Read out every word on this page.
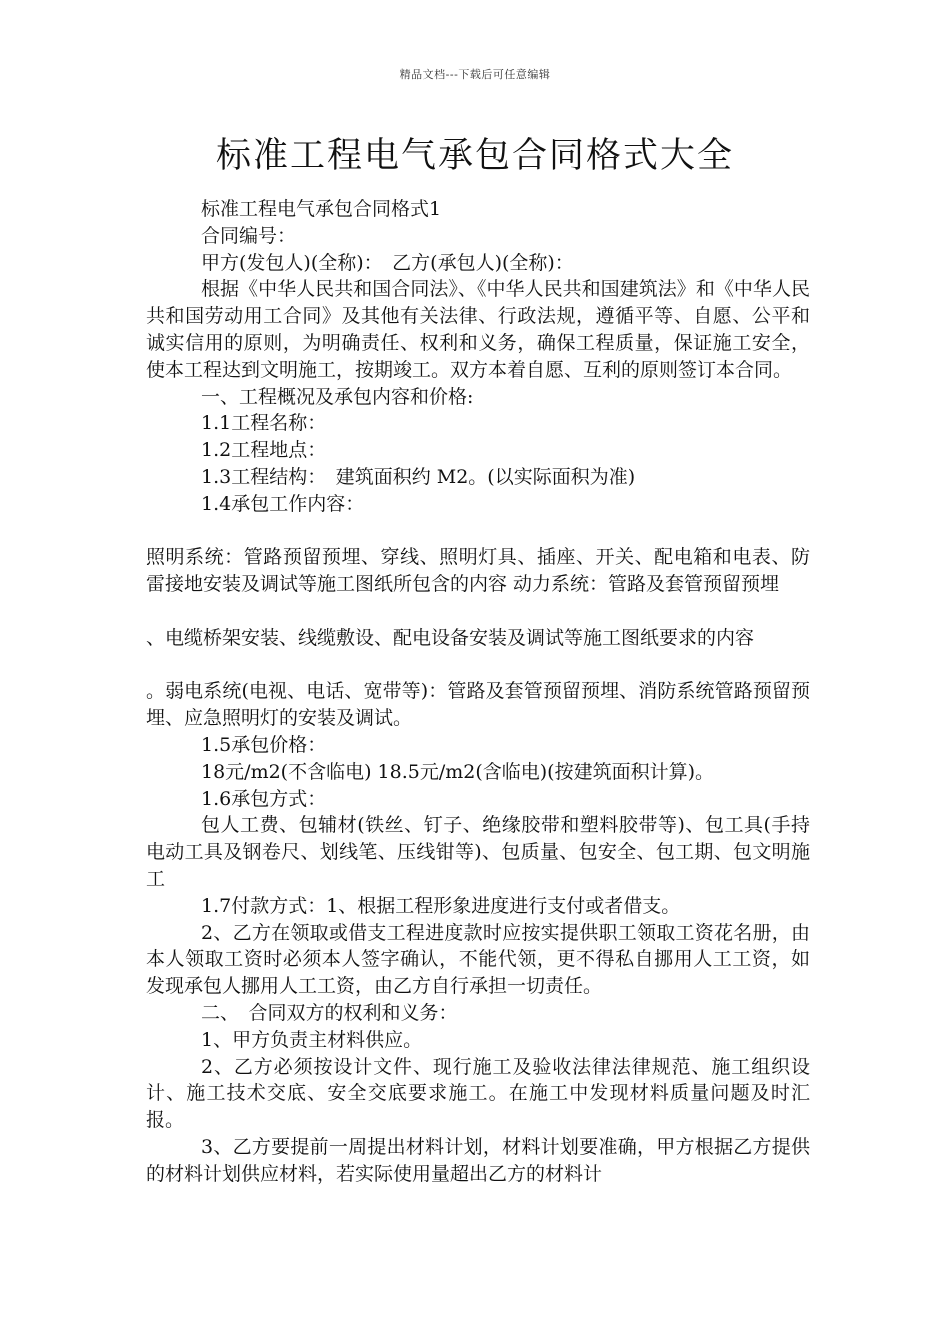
精品文档---下载后可任意编辑
标准工程电气承包合同格式大全

标准工程电气承包合同格式1

合同编号：

甲方(发包人)(全称)：　乙方(承包人)(全称)：

根据《中华人民共和国合同法》、《中华人民共和国建筑法》和《中华人民共和国劳动用工合同》及其他有关法律、行政法规，遵循平等、自愿、公平和诚实信用的原则，为明确责任、权利和义务，确保工程质量，保证施工安全，使本工程达到文明施工，按期竣工。双方本着自愿、互利的原则签订本合同。

一、工程概况及承包内容和价格:

1.1工程名称：

1.2工程地点：

1.3工程结构：　建筑面积约 M2。(以实际面积为准)

1.4承包工作内容：

照明系统：管路预留预埋、穿线、照明灯具、插座、开关、配电箱和电表、防雷接地安装及调试等施工图纸所包含的内容 动力系统：管路及套管预留预埋

、电缆桥架安装、线缆敷设、配电设备安装及调试等施工图纸要求的内容

。弱电系统(电视、电话、宽带等)：管路及套管预留预埋、消防系统管路预留预埋、应急照明灯的安装及调试。

1.5承包价格：

18元/m2(不含临电) 18.5元/m2(含临电)(按建筑面积计算)。

1.6承包方式：

包人工费、包辅材(铁丝、钉子、绝缘胶带和塑料胶带等)、包工具(手持电动工具及钢卷尺、划线笔、压线钳等)、包质量、包安全、包工期、包文明施工

1.7付款方式：1、根据工程形象进度进行支付或者借支。

2、乙方在领取或借支工程进度款时应按实提供职工领取工资花名册，由本人领取工资时必须本人签字确认，不能代领，更不得私自挪用人工工资，如发现承包人挪用人工工资，由乙方自行承担一切责任。

二、　合同双方的权利和义务：

1、甲方负责主材料供应。

2、乙方必须按设计文件、现行施工及验收法律法律规范、施工组织设计、施工技术交底、安全交底要求施工。在施工中发现材料质量问题及时汇报。

3、乙方要提前一周提出材料计划，材料计划要准确，甲方根据乙方提供的材料计划供应材料，若实际使用量超出乙方的材料计
